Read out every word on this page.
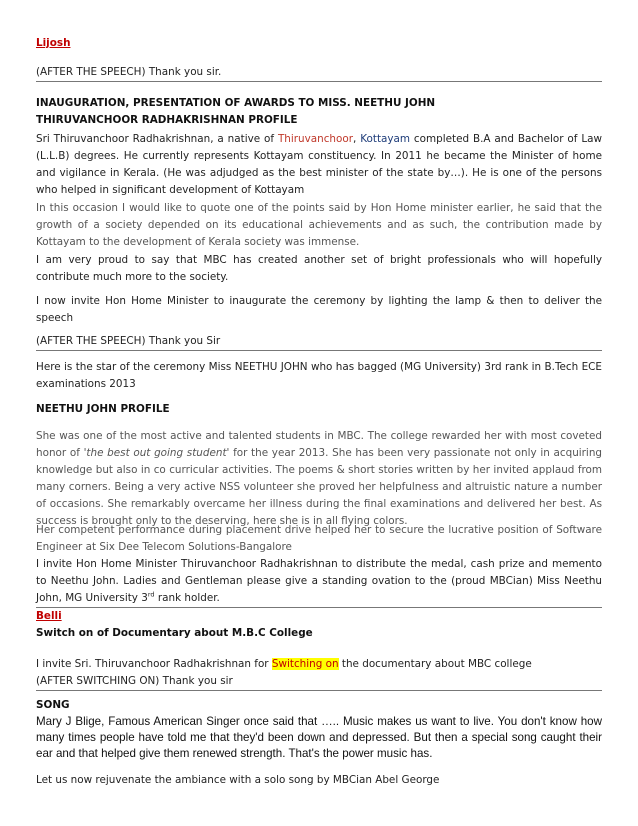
Lijosh
(AFTER THE SPEECH) Thank you sir.
INAUGURATION, PRESENTATION OF AWARDS TO MISS. NEETHU JOHN
THIRUVANCHOOR RADHAKRISHNAN PROFILE
Sri Thiruvanchoor Radhakrishnan, a native of Thiruvanchoor, Kottayam completed B.A and Bachelor of Law (L.L.B) degrees. He currently represents Kottayam constituency. In 2011 he became the Minister of home and vigilance in Kerala. (He was adjudged as the best minister of the state by…). He is one of the persons who helped in significant development of Kottayam
In this occasion I would like to quote one of the points said by Hon Home minister earlier, he said that the growth of a society depended on its educational achievements and as such, the contribution made by Kottayam to the development of Kerala society was immense.
I am very proud to say that MBC has created another set of bright professionals who will hopefully contribute much more to the society.
I now invite Hon Home Minister to inaugurate the ceremony by lighting the lamp & then to deliver the speech
(AFTER THE SPEECH) Thank you Sir
Here is the star of the ceremony Miss NEETHU JOHN who has bagged (MG University) 3rd rank in B.Tech ECE examinations 2013
NEETHU JOHN PROFILE
She was one of the most active and talented students in MBC. The college rewarded her with most coveted honor of 'the best out going student' for the year 2013. She has been very passionate not only in acquiring knowledge but also in co curricular activities. The poems & short stories written by her invited applaud from many corners. Being a very active NSS volunteer she proved her helpfulness and altruistic nature a number of occasions. She remarkably overcame her illness during the final examinations and delivered her best. As success is brought only to the deserving, here she is in all flying colors.
Her competent performance during placement drive helped her to secure the lucrative position of Software Engineer at Six Dee Telecom Solutions-Bangalore
I invite Hon Home Minister Thiruvanchoor Radhakrishnan to distribute the medal, cash prize and memento to Neethu John. Ladies and Gentleman please give a standing ovation to the (proud MBCian) Miss Neethu John, MG University 3rd rank holder.
Belli
Switch on of Documentary about M.B.C College
I invite Sri. Thiruvanchoor Radhakrishnan for Switching on the documentary about MBC college
(AFTER SWITCHING ON) Thank you sir
SONG
Mary J Blige, Famous American Singer once said that ….. Music makes us want to live. You don't know how many times people have told me that they'd been down and depressed. But then a special song caught their ear and that helped give them renewed strength. That's the power music has.
Let us now rejuvenate the ambiance with a solo song by MBCian Abel George
